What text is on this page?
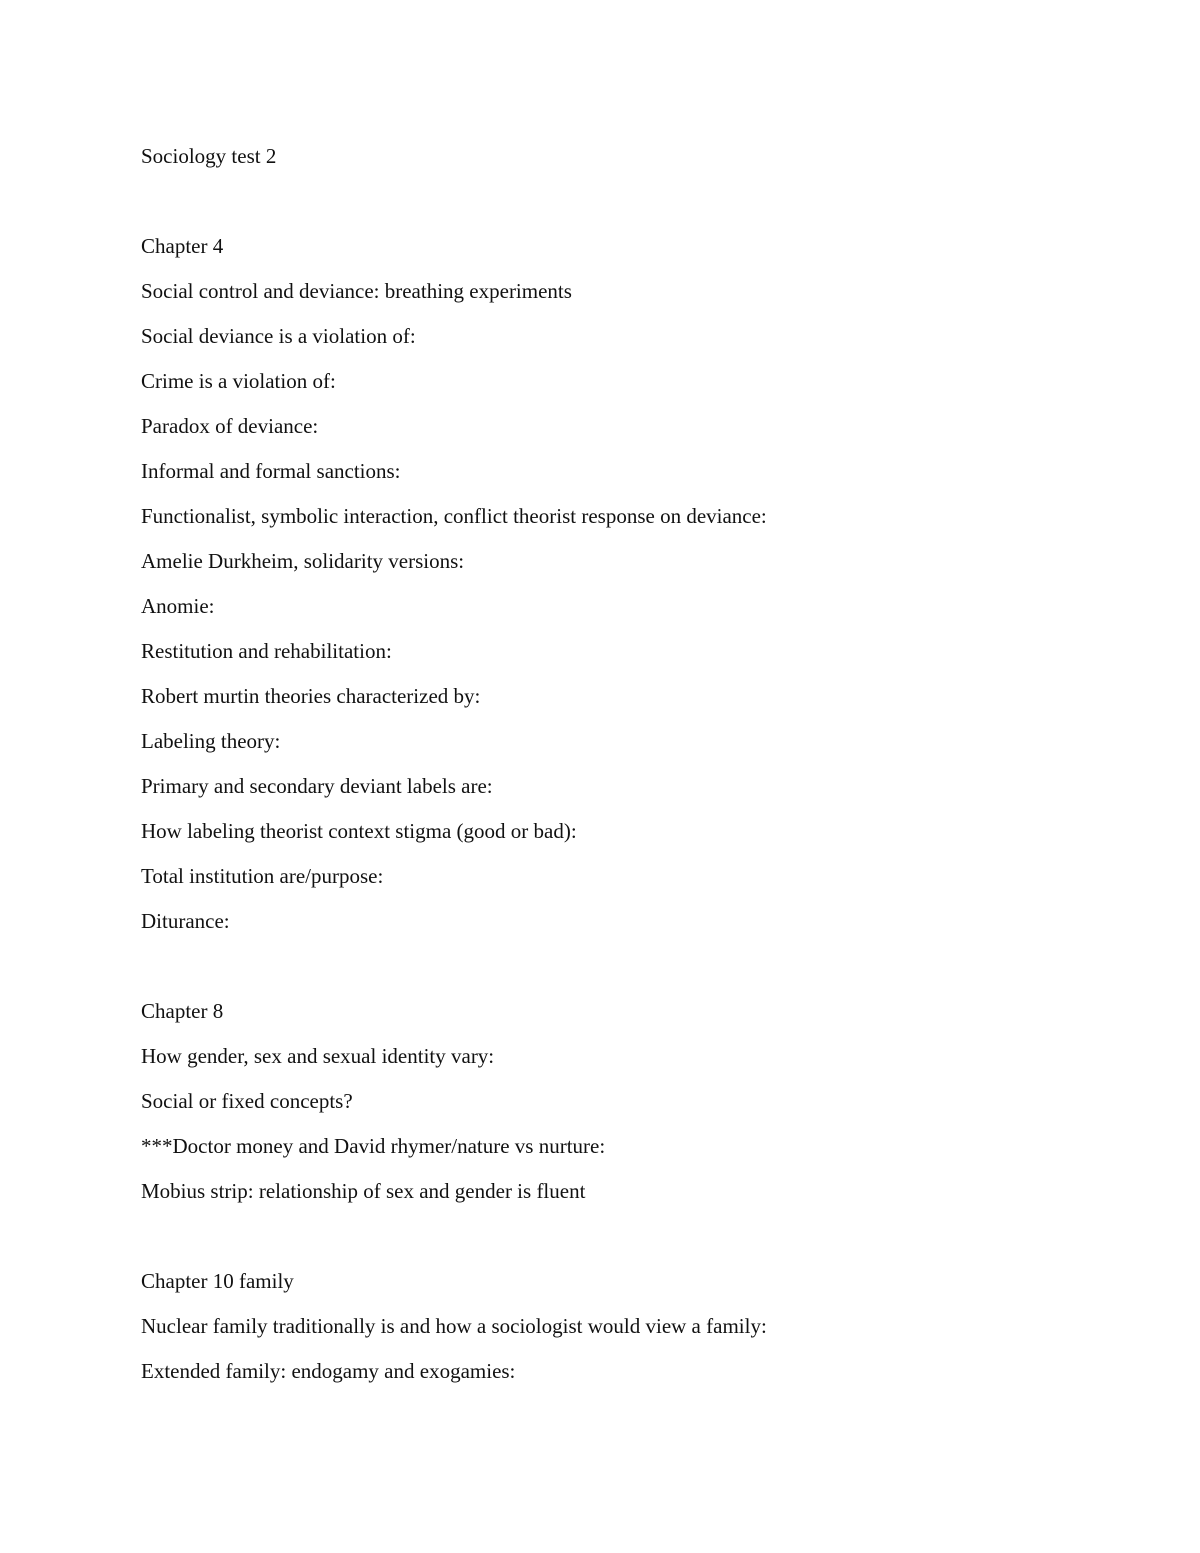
Sociology test 2
Chapter 4
Social control and deviance: breathing experiments
Social deviance is a violation of:
Crime is a violation of:
Paradox of deviance:
Informal and formal sanctions:
Functionalist, symbolic interaction, conflict theorist response on deviance:
Amelie Durkheim, solidarity versions:
Anomie:
Restitution and rehabilitation:
Robert murtin theories characterized by:
Labeling theory:
Primary and secondary deviant labels are:
How labeling theorist context stigma (good or bad):
Total institution are/purpose:
Diturance:
Chapter 8
How gender, sex and sexual identity vary:
Social or fixed concepts?
***Doctor money and David rhymer/nature vs nurture:
Mobius strip: relationship of sex and gender is fluent
Chapter 10 family
Nuclear family traditionally is and how a sociologist would view a family:
Extended family: endogamy and exogamies:
